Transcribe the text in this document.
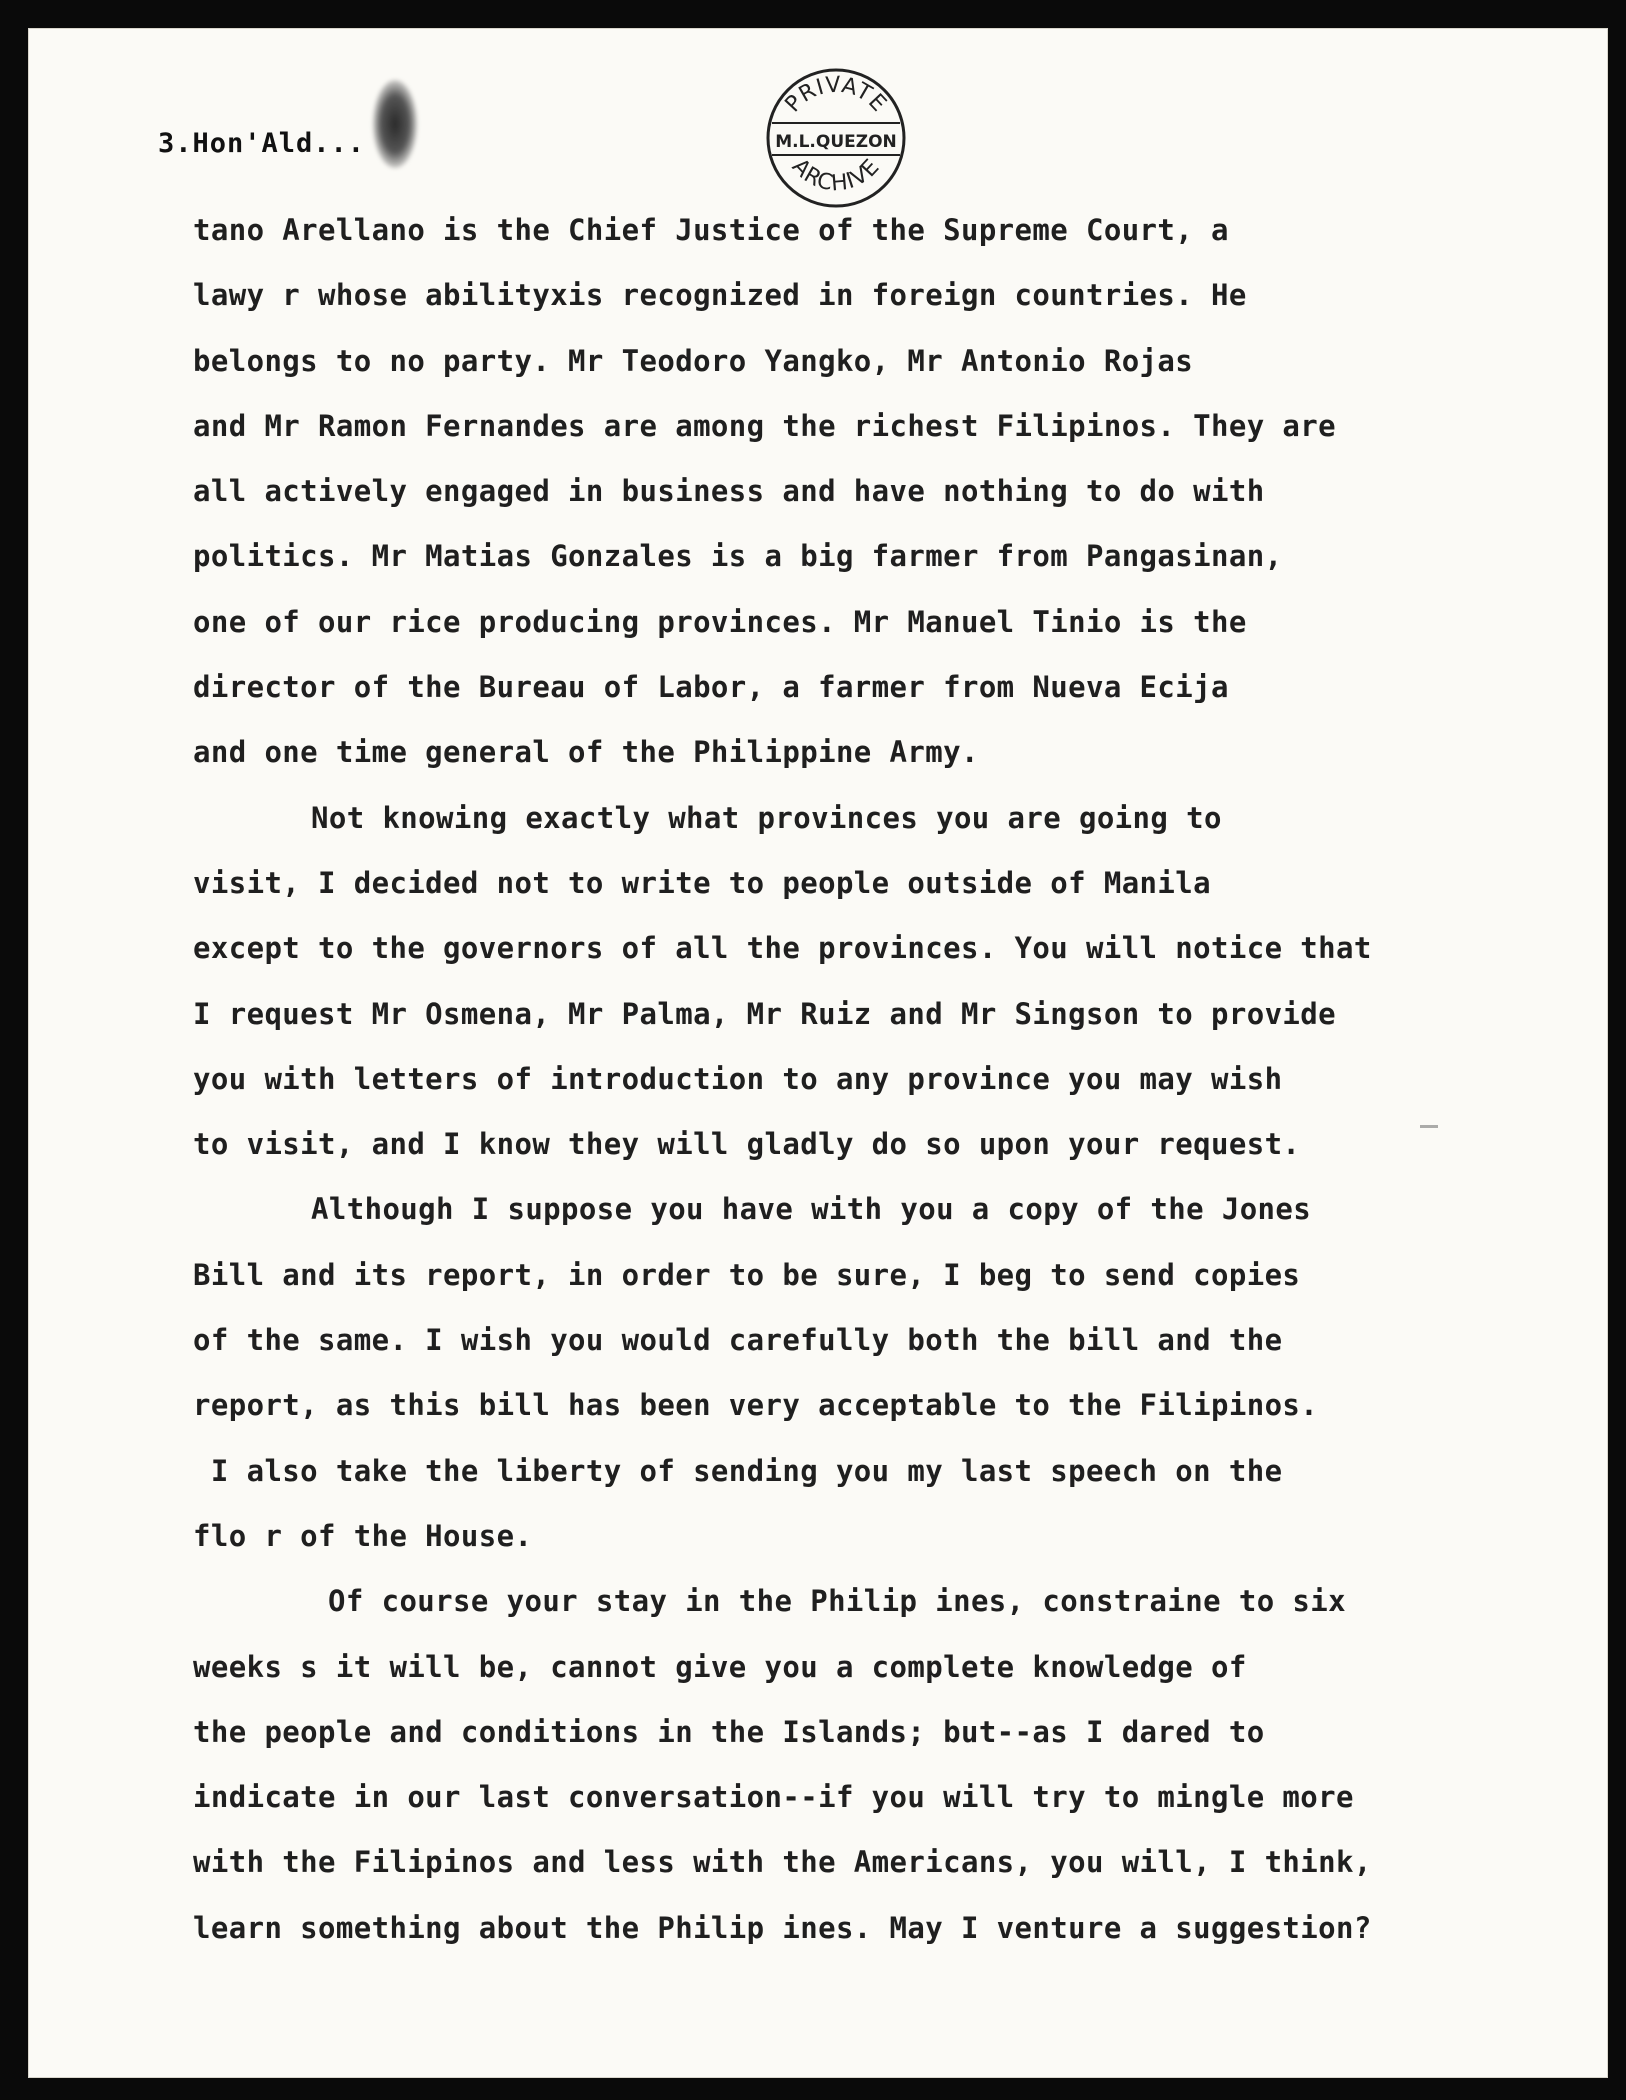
3.Hon'Ald...

PRIVATE
M.L.QUEZON
ARCHIVE

tano Arellano is the Chief Justice of the Supreme Court, a

lawy r whose abilityxis recognized in foreign countries. He

belongs to no party. Mr Teodoro Yangko, Mr Antonio Rojas

and Mr Ramon Fernandes are among the richest Filipinos. They are

all actively engaged in business and have nothing to do with

politics. Mr Matias Gonzales is a big farmer from Pangasinan,

one of our rice producing provinces. Mr Manuel Tinio is the

director of the Bureau of Labor, a farmer from Nueva Ecija

and one time general of the Philippine Army.

Not knowing exactly what provinces you are going to

visit, I decided not to write to people outside of Manila

except to the governors of all the provinces. You will notice that

I request Mr Osmena, Mr Palma, Mr Ruiz and Mr Singson to provide

you with letters of introduction to any province you may wish

to visit, and I know they will gladly do so upon your request.

Although I suppose you have with you a copy of the Jones

Bill and its report, in order to be sure, I beg to send copies

of the same. I wish you would carefully both the bill and the

report, as this bill has been very acceptable to the Filipinos.

I also take the liberty of sending you my last speech on the

flo r of the House.

Of course your stay in the Philip ines, constraine to six

weeks s it will be, cannot give you a complete knowledge of

the people and conditions in the Islands; but--as I dared to

indicate in our last conversation--if you will try to mingle more

with the Filipinos and less with the Americans, you will, I think,

learn something about the Philip ines. May I venture a suggestion?
